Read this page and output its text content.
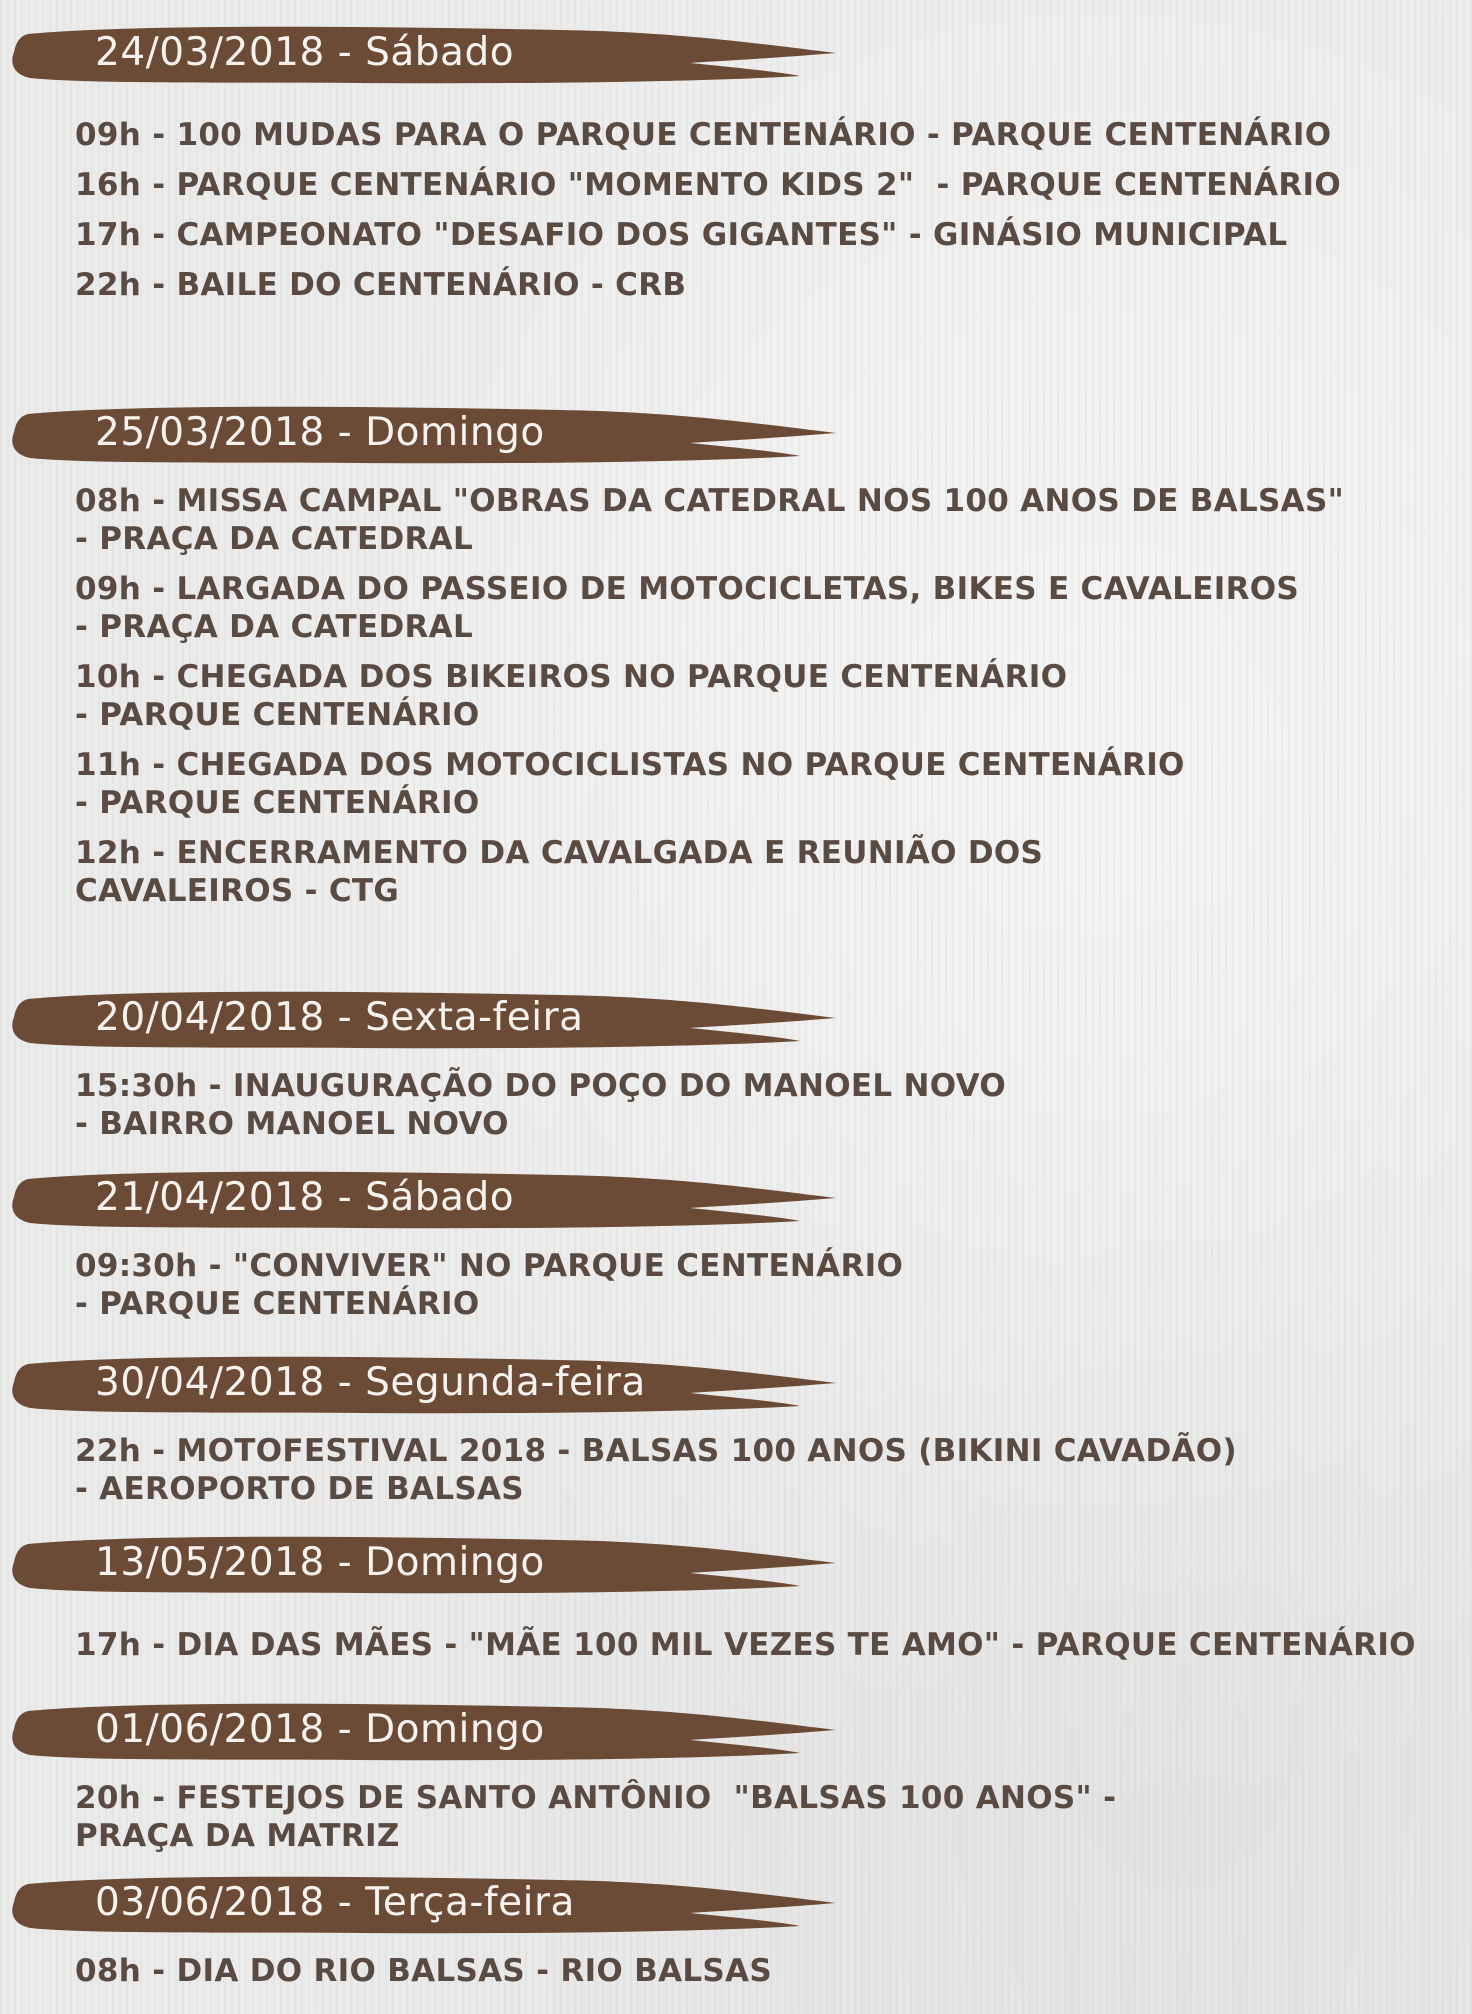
24/03/2018 - Sábado
09h - 100 MUDAS PARA O PARQUE CENTENÁRIO - PARQUE CENTENÁRIO
16h - PARQUE CENTENÁRIO "MOMENTO KIDS 2"  - PARQUE CENTENÁRIO
17h - CAMPEONATO "DESAFIO DOS GIGANTES" - GINÁSIO MUNICIPAL
22h - BAILE DO CENTENÁRIO - CRB
25/03/2018 - Domingo
08h - MISSA CAMPAL "OBRAS DA CATEDRAL NOS 100 ANOS DE BALSAS"
- PRAÇA DA CATEDRAL
09h - LARGADA DO PASSEIO DE MOTOCICLETAS, BIKES E CAVALEIROS
- PRAÇA DA CATEDRAL
10h - CHEGADA DOS BIKEIROS NO PARQUE CENTENÁRIO
- PARQUE CENTENÁRIO
11h - CHEGADA DOS MOTOCICLISTAS NO PARQUE CENTENÁRIO
- PARQUE CENTENÁRIO
12h - ENCERRAMENTO DA CAVALGADA E REUNIÃO DOS
CAVALEIROS - CTG
20/04/2018 - Sexta-feira
15:30h - INAUGURAÇÃO DO POÇO DO MANOEL NOVO
- BAIRRO MANOEL NOVO
21/04/2018 - Sábado
09:30h - "CONVIVER" NO PARQUE CENTENÁRIO
- PARQUE CENTENÁRIO
30/04/2018 - Segunda-feira
22h - MOTOFESTIVAL 2018 - BALSAS 100 ANOS (BIKINI CAVADÃO)
- AEROPORTO DE BALSAS
13/05/2018 - Domingo
17h - DIA DAS MÃES - "MÃE 100 MIL VEZES TE AMO" - PARQUE CENTENÁRIO
01/06/2018 - Domingo
20h - FESTEJOS DE SANTO ANTÔNIO  "BALSAS 100 ANOS" -
PRAÇA DA MATRIZ
03/06/2018 - Terça-feira
08h - DIA DO RIO BALSAS - RIO BALSAS
